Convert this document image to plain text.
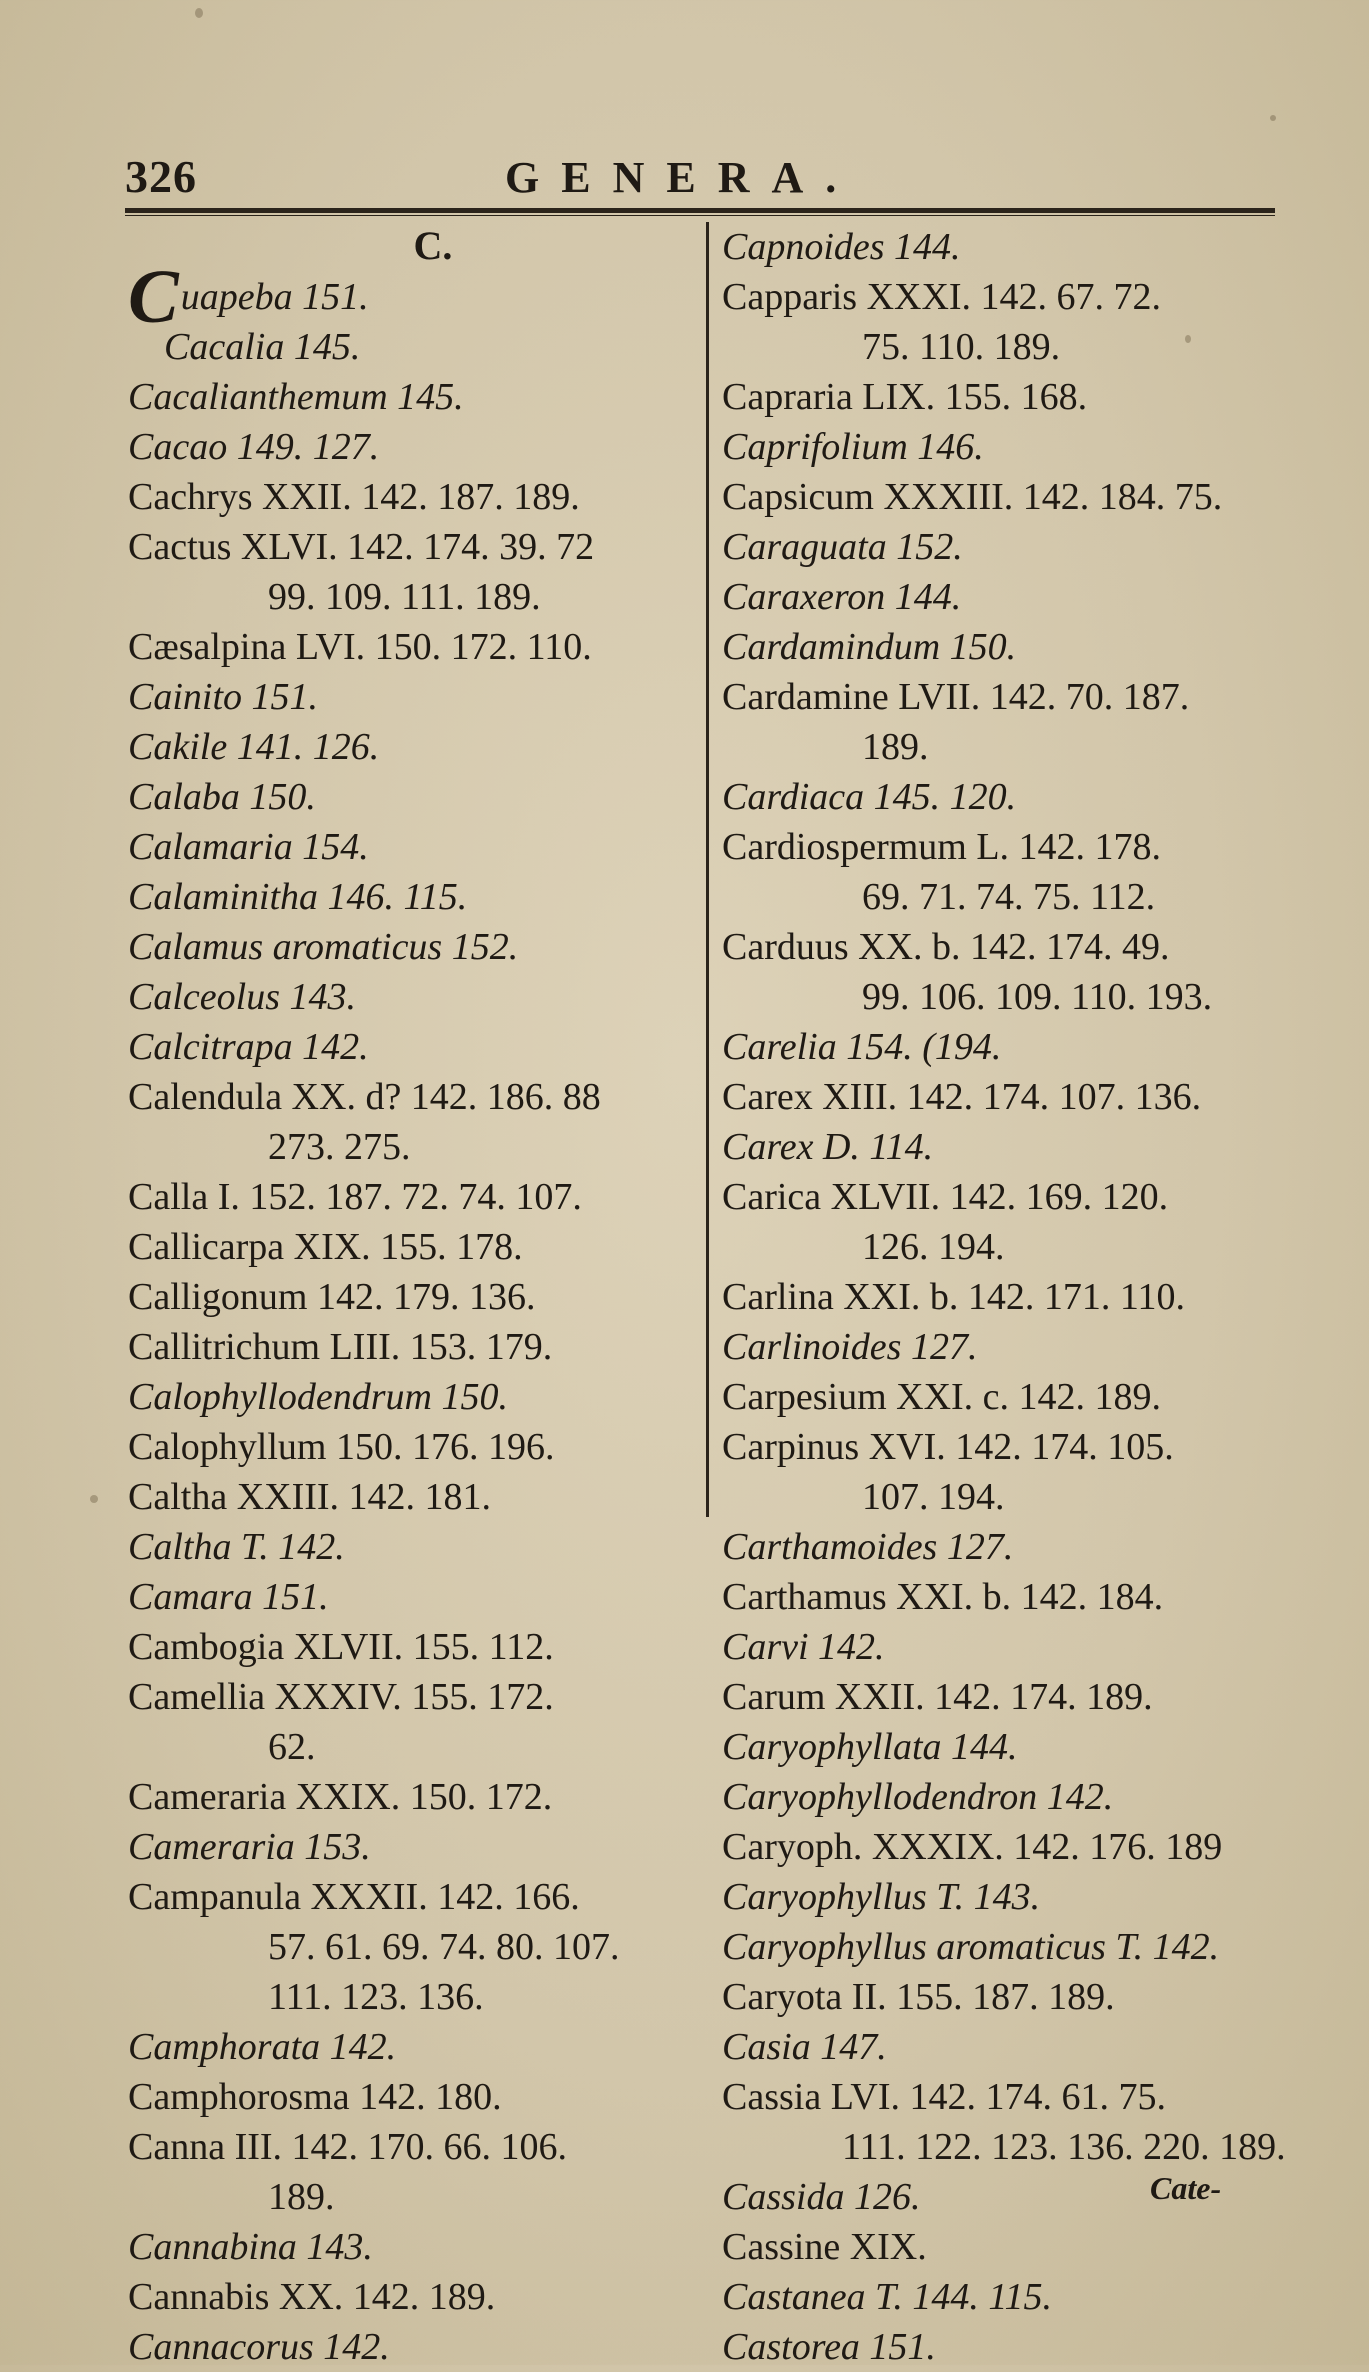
326	GENERA.
C.
Cuapeba 151.
Cacalia 145.
Cacalianthemum 145.
Cacao 149. 127.
Cachrys XXII. 142. 187. 189.
Cactus XLVI. 142. 174. 39. 72
99. 109. 111. 189.
Cæsalpina LVI. 150. 172. 110.
Cainito 151.
Cakile 141. 126.
Calaba 150.
Calamaria 154.
Calaminitha 146. 115.
Calamus aromaticus 152.
Calceolus 143.
Calcitrapa 142.
Calendula XX. d? 142. 186. 88
273. 275.
Calla I. 152. 187. 72. 74. 107.
Callicarpa XIX. 155. 178.
Calligonum 142. 179. 136.
Callitrichum LIII. 153. 179.
Calophyllodendrum 150.
Calophyllum 150. 176. 196.
Caltha XXIII. 142. 181.
Caltha T. 142.
Camara 151.
Cambogia XLVII. 155. 112.
Camellia XXXIV. 155. 172.
62.
Cameraria XXIX. 150. 172.
Cameraria 153.
Campanula XXXII. 142. 166.
57. 61. 69. 74. 80. 107.
111. 123. 136.
Camphorata 142.
Camphorosma 142. 180.
Canna III. 142. 170. 66. 106.
189.
Cannabina 143.
Cannabis XX. 142. 189.
Cannacorus 142.
Capnoides 144.
Capparis XXXI. 142. 67. 72.
75. 110. 189.
Capraria LIX. 155. 168.
Caprifolium 146.
Capsicum XXXIII. 142. 184. 75.
Caraguata 152.
Caraxeron 144.
Cardamindum 150.
Cardamine LVII. 142. 70. 187.
189.
Cardiaca 145. 120.
Cardiospermum L. 142. 178.
69. 71. 74. 75. 112.
Carduus XX. b. 142. 174. 49.
99. 106. 109. 110. 193.
Carelia 154. (194.
Carex XIII. 142. 174. 107. 136.
Carex D. 114.
Carica XLVII. 142. 169. 120.
126. 194.
Carlina XXI. b. 142. 171. 110.
Carlinoides 127.
Carpesium XXI. c. 142. 189.
Carpinus XVI. 142. 174. 105.
107. 194.
Carthamoides 127.
Carthamus XXI. b. 142. 184.
Carvi 142.
Carum XXII. 142. 174. 189.
Caryophyllata 144.
Caryophyllodendron 142.
Caryoph. XXXIX. 142. 176. 189
Caryophyllus T. 143.
Caryophyllus aromaticus T. 142.
Caryota II. 155. 187. 189.
Casia 147.
Cassia LVI. 142. 174. 61. 75.
111. 122. 123. 136. 220. 189.
Cassida 126.
Cassine XIX.
Castanea T. 144. 115.
Castorea 151.
Cate-
